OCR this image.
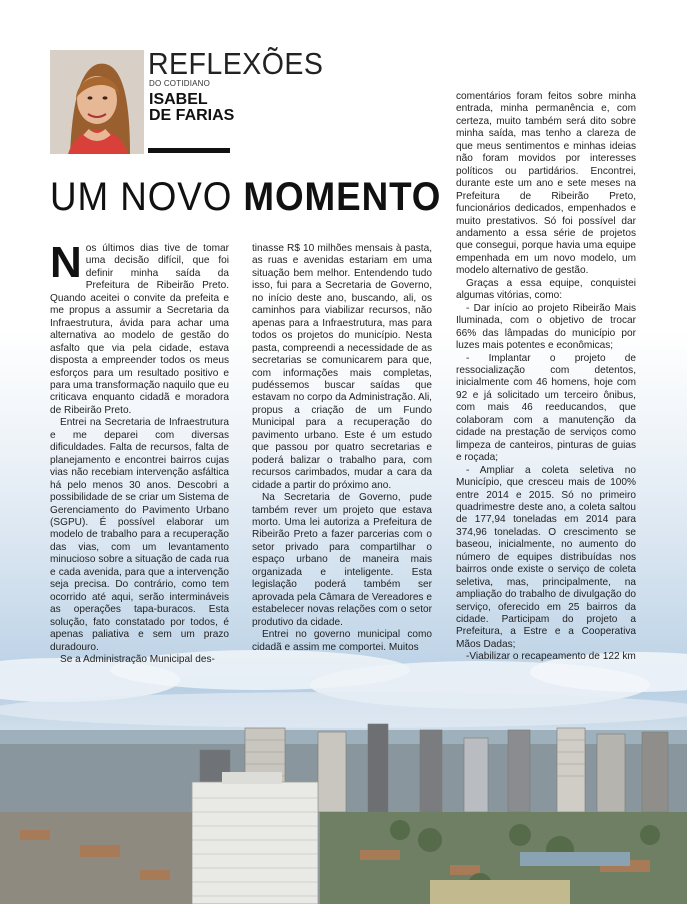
REFLEXÕES
DO COTIDIANO
ISABEL
DE FARIAS
UM NOVO MOMENTO

Nos últimos dias tive de tomar uma decisão difícil, que foi definir minha saída da Prefeitura de Ribeirão Preto. Quando aceitei o convite da prefeita e me propus a assumir a Secretaria da Infraestrutura, ávida para achar uma alternativa ao modelo de gestão do asfalto que via pela cidade, estava disposta a empreender todos os meus esforços para um resultado positivo e para uma transformação naquilo que eu criticava enquanto cidadã e moradora de Ribeirão Preto.

Entrei na Secretaria de Infraestrutura e me deparei com diversas dificuldades. Falta de recursos, falta de planejamento e encontrei bairros cujas vias não recebiam intervenção asfáltica há pelo menos 30 anos. Descobri a possibilidade de se criar um Sistema de Gerenciamento do Pavimento Urbano (SGPU). É possível elaborar um modelo de trabalho para a recuperação das vias, com um levantamento minucioso sobre a situação de cada rua e cada avenida, para que a intervenção seja precisa. Do contrário, como tem ocorrido até aqui, serão intermináveis as operações tapa-buracos. Esta solução, fato constatado por todos, é apenas paliativa e sem um prazo duradouro.

Se a Administração Municipal des-

tinasse R$ 10 milhões mensais à pasta, as ruas e avenidas estariam em uma situação bem melhor. Entendendo tudo isso, fui para a Secretaria de Governo, no início deste ano, buscando, ali, os caminhos para viabilizar recursos, não apenas para a Infraestrutura, mas para todos os projetos do município. Nesta pasta, compreendi a necessidade de as secretarias se comunicarem para que, com informações mais completas, pudéssemos buscar saídas que estavam no corpo da Administração. Ali, propus a criação de um Fundo Municipal para a recuperação do pavimento urbano. Este é um estudo que passou por quatro secretarias e poderá balizar o trabalho para, com recursos carimbados, mudar a cara da cidade a partir do próximo ano.

Na Secretaria de Governo, pude também rever um projeto que estava morto. Uma lei autoriza a Prefeitura de Ribeirão Preto a fazer parcerias com o setor privado para compartilhar o espaço urbano de maneira mais organizada e inteligente. Esta legislação poderá também ser aprovada pela Câmara de Vereadores e estabelecer novas relações com o setor produtivo da cidade.

Entrei no governo municipal como cidadã e assim me comportei. Muitos

comentários foram feitos sobre minha entrada, minha permanência e, com certeza, muito também será dito sobre minha saída, mas tenho a clareza de que meus sentimentos e minhas ideias não foram movidos por interesses políticos ou partidários. Encontrei, durante este um ano e sete meses na Prefeitura de Ribeirão Preto, funcionários dedicados, empenhados e muito prestativos. Só foi possível dar andamento a essa série de projetos que consegui, porque havia uma equipe empenhada em um novo modelo, um modelo alternativo de gestão.

Graças a essa equipe, conquistei algumas vitórias, como:

- Dar início ao projeto Ribeirão Mais Iluminada, com o objetivo de trocar 66% das lâmpadas do município por luzes mais potentes e econômicas;

- Implantar o projeto de ressocialização com detentos, inicialmente com 46 homens, hoje com 92 e já solicitado um terceiro ônibus, com mais 46 reeducandos, que colaboram com a manutenção da cidade na prestação de serviços como limpeza de canteiros, pinturas de guias e roçada;

- Ampliar a coleta seletiva no Município, que cresceu mais de 100% entre 2014 e 2015. Só no primeiro quadrimestre deste ano, a coleta saltou de 177,94 toneladas em 2014 para 374,96 toneladas. O crescimento se baseou, inicialmente, no aumento do número de equipes distribuídas nos bairros onde existe o serviço de coleta seletiva, mas, principalmente, na ampliação do trabalho de divulgação do serviço, oferecido em 25 bairros da cidade. Participam do projeto a Prefeitura, a Estre e a Cooperativa Mãos Dadas;

-Viabilizar o recapeamento de 122 km
